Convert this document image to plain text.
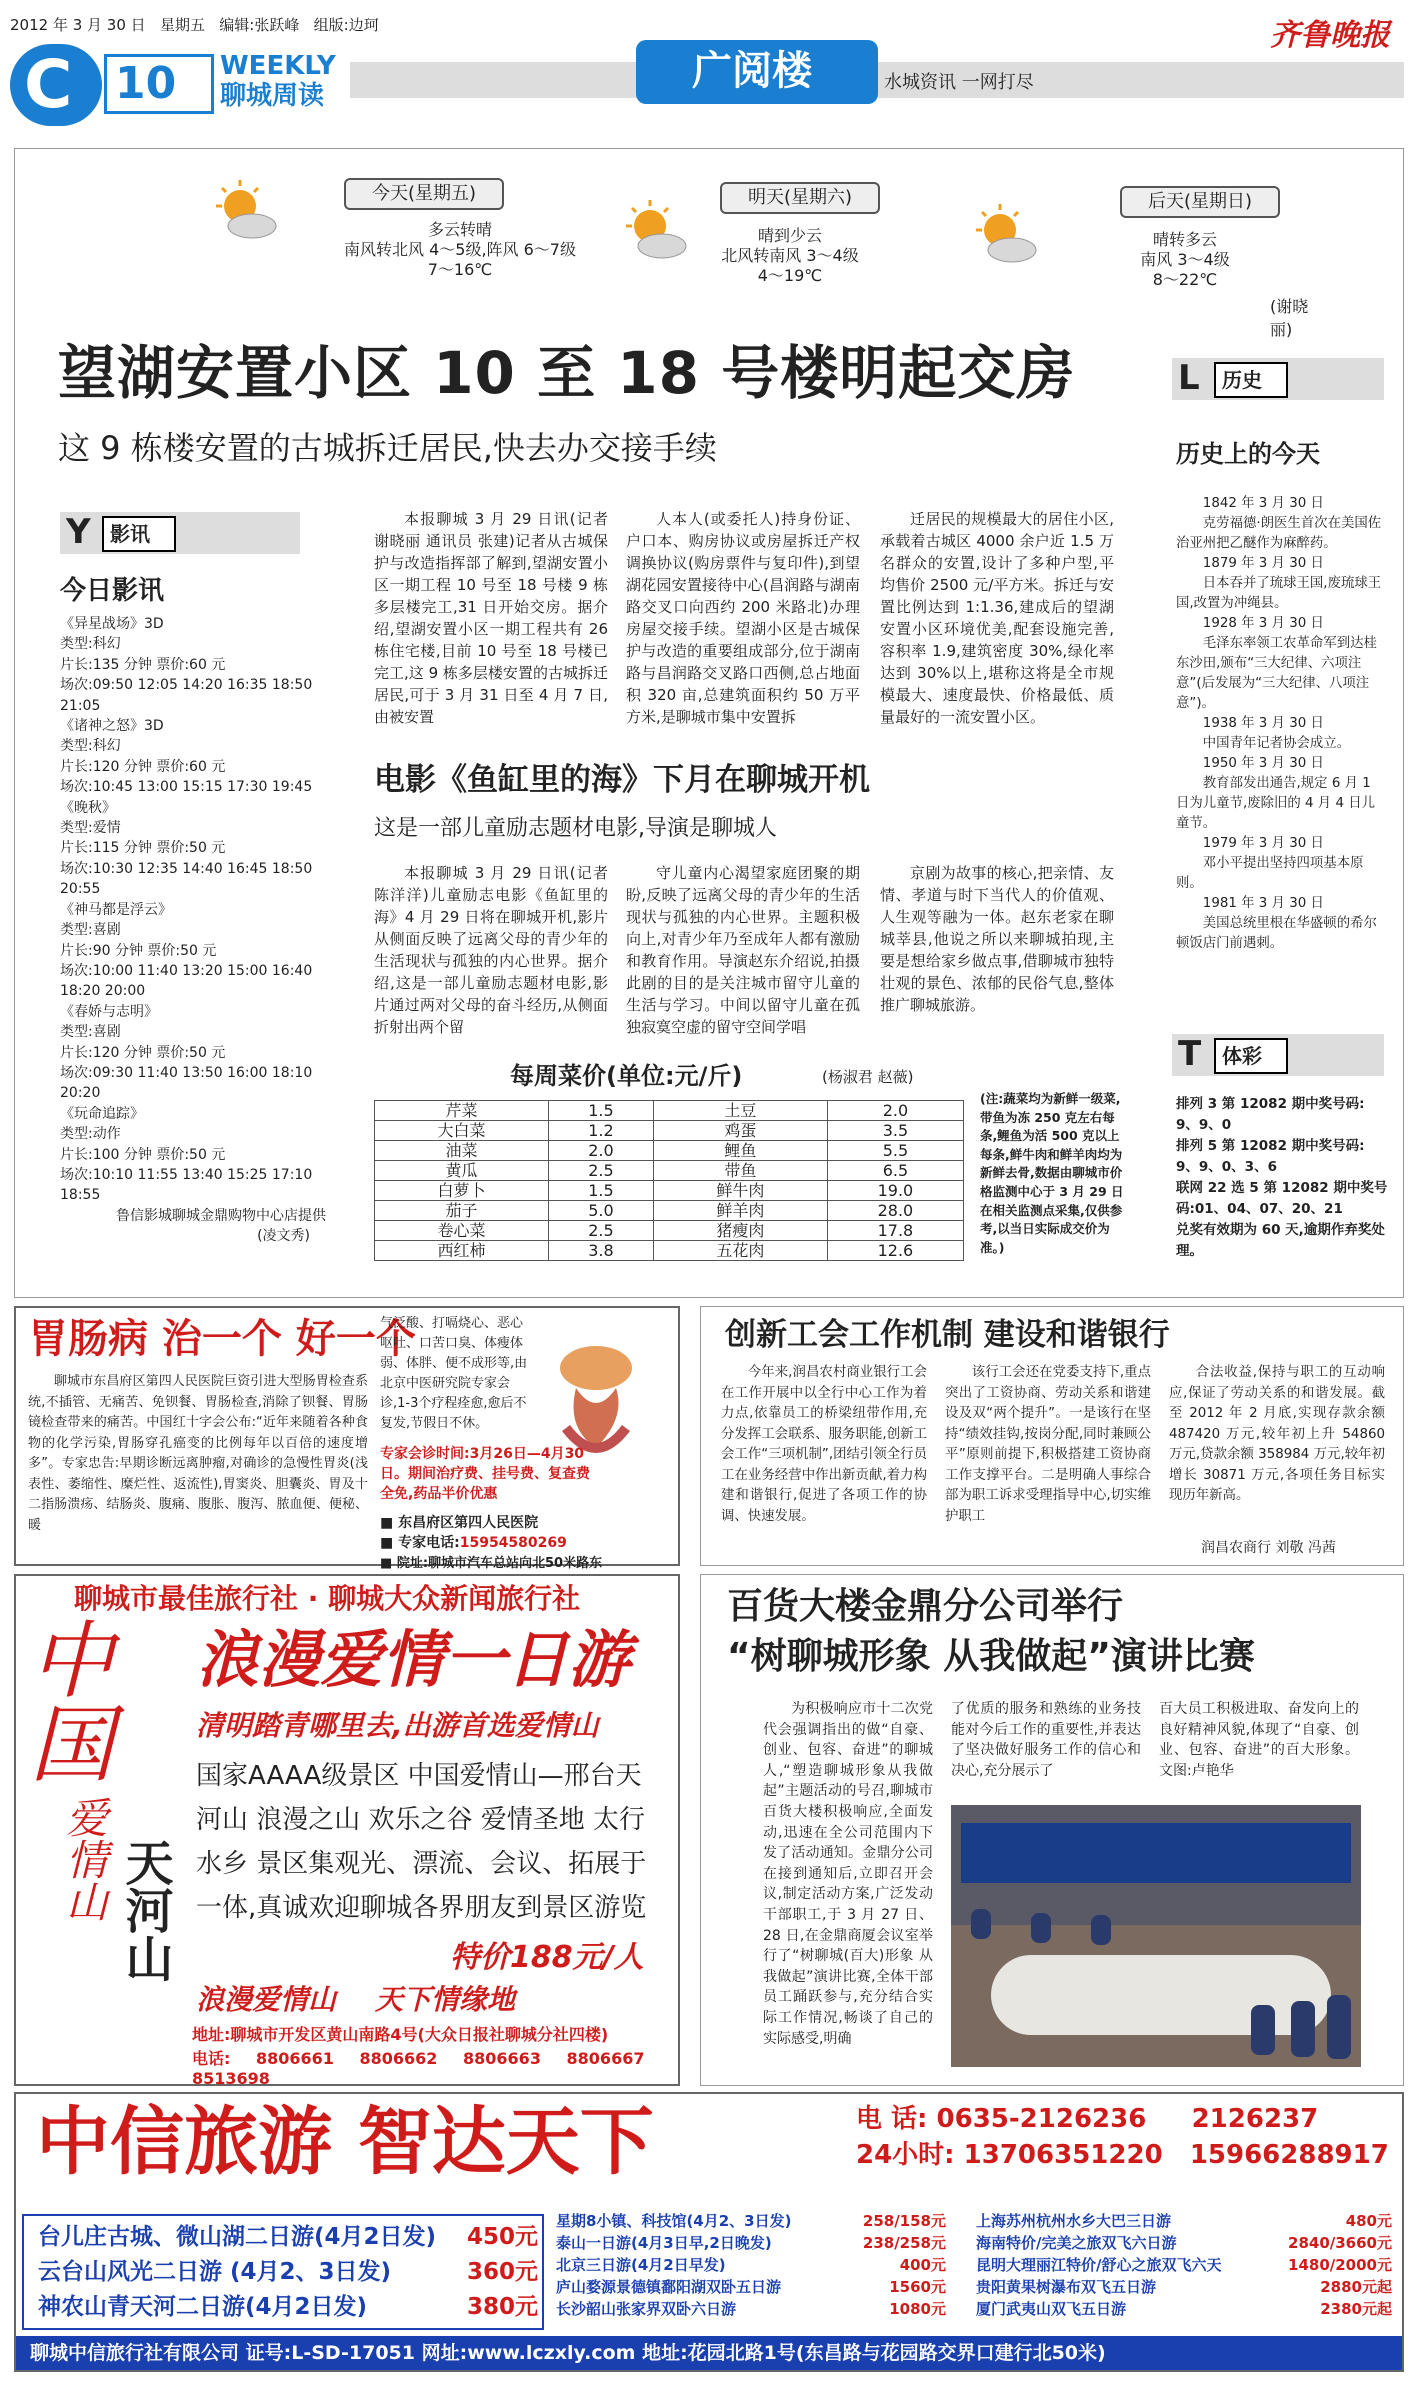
2012 年 3 月 30 日 星期五 编辑:张跃峰 组版:边珂
C 10 WEEKLY
聊城周读
广阅楼	水城资讯 一网打尽
齐鲁晚报
今天(星期五)
多云转晴
南风转北风 4～5级,阵风 6～7级
7～16℃
明天(星期六)
晴到少云
北风转南风 3～4级
4～19℃
后天(星期日)
晴转多云
南风 3～4级
8～22℃
(谢晓丽)
望湖安置小区 10 至 18 号楼明起交房
这 9 栋楼安置的古城拆迁居民,快去办交接手续
Y 影讯
今日影讯
《异星战场》3D
类型:科幻
片长:135 分钟 票价:60 元
场次:09:50 12:05 14:20 16:35 18:50 21:05
《诸神之怒》3D
类型:科幻
片长:120 分钟 票价:60 元
场次:10:45 13:00 15:15 17:30 19:45
《晚秋》
类型:爱情
片长:115 分钟 票价:50 元
场次:10:30 12:35 14:40 16:45 18:50 20:55
《神马都是浮云》
类型:喜剧
片长:90 分钟 票价:50 元
场次:10:00 11:40 13:20 15:00 16:40 18:20 20:00
《春娇与志明》
类型:喜剧
片长:120 分钟 票价:50 元
场次:09:30 11:40 13:50 16:00 18:10 20:20
《玩命追踪》
类型:动作
片长:100 分钟 票价:50 元
场次:10:10 11:55 13:40 15:25 17:10 18:55
鲁信影城聊城金鼎购物中心店提供
(凌文秀)

本报聊城 3 月 29 日讯(记者 谢晓丽 通讯员 张建)记者从古城保护与改造指挥部了解到,望湖安置小区一期工程 10 号至 18 号楼 9 栋多层楼完工,31 日开始交房。据介绍,望湖安置小区一期工程共有 26 栋住宅楼,目前 10 号至 18 号楼已完工,这 9 栋多层楼安置的古城拆迁居民,可于 3 月 31 日至 4 月 7 日,由被安置

人本人(或委托人)持身份证、户口本、购房协议或房屋拆迁产权调换协议(购房票件与复印件),到望湖花园安置接待中心(昌润路与湖南路交叉口向西约 200 米路北)办理房屋交接手续。望湖小区是古城保护与改造的重要组成部分,位于湖南路与昌润路交叉路口西侧,总占地面积 320 亩,总建筑面积约 50 万平方米,是聊城市集中安置拆

迁居民的规模最大的居住小区,承载着古城区 4000 余户近 1.5 万名群众的安置,设计了多种户型,平均售价 2500 元/平方米。拆迁与安置比例达到 1:1.36,建成后的望湖安置小区环境优美,配套设施完善,容积率 1.9,建筑密度 30%,绿化率达到 30%以上,堪称这将是全市规模最大、速度最快、价格最低、质量最好的一流安置小区。

电影《鱼缸里的海》下月在聊城开机
这是一部儿童励志题材电影,导演是聊城人

本报聊城 3 月 29 日讯(记者 陈洋洋)儿童励志电影《鱼缸里的海》4 月 29 日将在聊城开机,影片从侧面反映了远离父母的青少年的生活现状与孤独的内心世界。据介绍,这是一部儿童励志题材电影,影片通过两对父母的奋斗经历,从侧面折射出两个留

守儿童内心渴望家庭团聚的期盼,反映了远离父母的青少年的生活现状与孤独的内心世界。主题积极向上,对青少年乃至成年人都有激励和教育作用。导演赵东介绍说,拍摄此剧的目的是关注城市留守儿童的生活与学习。中间以留守儿童在孤独寂寞空虚的留守空间学唱

京剧为故事的核心,把亲情、友情、孝道与时下当代人的价值观、人生观等融为一体。赵东老家在聊城莘县,他说之所以来聊城拍现,主要是想给家乡做点事,借聊城市独特壮观的景色、浓郁的民俗气息,整体推广聊城旅游。

每周菜价(单位:元/斤)	(杨淑君 赵薇)
芹菜	1.5	土豆	2.0
大白菜	1.2	鸡蛋	3.5
油菜	2.0	鲤鱼	5.5
黄瓜	2.5	带鱼	6.5
白萝卜	1.5	鲜牛肉	19.0
茄子	5.0	鲜羊肉	28.0
卷心菜	2.5	猪瘦肉	17.8
西红柿	3.8	五花肉	12.6
(注:蔬菜均为新鲜一级菜,带鱼为冻 250 克左右每条,鲤鱼为活 500 克以上每条,鲜牛肉和鲜羊肉均为新鲜去骨,数据由聊城市价格监测中心于 3 月 29 日在相关监测点采集,仅供参考,以当日实际成交价为准。)
L	历史
历史上的今天
1842 年 3 月 30 日
克劳福德·朗医生首次在美国佐治亚州把乙醚作为麻醉药。
1879 年 3 月 30 日
日本吞并了琉球王国,废琉球王国,改置为冲绳县。
1928 年 3 月 30 日
毛泽东率领工农革命军到达桂东沙田,颁布“三大纪律、六项注意”(后发展为“三大纪律、八项注意”)。
1938 年 3 月 30 日
中国青年记者协会成立。
1950 年 3 月 30 日
教育部发出通告,规定 6 月 1 日为儿童节,废除旧的 4 月 4 日儿童节。
1979 年 3 月 30 日
邓小平提出坚持四项基本原则。
1981 年 3 月 30 日
美国总统里根在华盛顿的希尔顿饭店门前遇刺。
T	体彩
排列 3 第 12082 期中奖号码:
9、9、0
排列 5 第 12082 期中奖号码:
9、9、0、3、6
联网 22 选 5 第 12082 期中奖号码:01、04、07、20、21
兑奖有效期为 60 天,逾期作弃奖处理。
胃肠病 治一个 好一个
聊城市东昌府区第四人民医院巨资引进大型肠胃检查系统,不插管、无痛苦、免钡餐、胃肠检查,消除了钡餐、胃肠镜检查带来的痛苦。中国红十字会公布:“近年来随着各种食物的化学污染,胃肠穿孔癌变的比例每年以百倍的速度增多”。专家忠告:早期诊断远离肿瘤,对确诊的急慢性胃炎(浅表性、萎缩性、糜烂性、返流性),胃窦炎、胆囊炎、胃及十二指肠溃疡、结肠炎、腹痛、腹胀、腹泻、脓血便、便秘、暖
气泛酸、打嗝烧心、恶心呕吐、口苦口臭、体瘦体弱、体胖、便不成形等,由北京中医研究院专家会诊,1-3个疗程痊愈,愈后不复发,节假日不休。
专家会诊时间:3月26日—4月30日。期间治疗费、挂号费、复查费全免,药品半价优惠
■ 东昌府区第四人民医院
■ 专家电话:15954580269
■ 院址:聊城市汽车总站向北50米路东
创新工会工作机制 建设和谐银行

今年来,润昌农村商业银行工会在工作开展中以全行中心工作为着力点,依靠员工的桥梁纽带作用,充分发挥工会联系、服务职能,创新工会工作“三项机制”,团结引领全行员工在业务经营中作出新贡献,着力构建和谐银行,促进了各项工作的协调、快速发展。

该行工会还在党委支持下,重点突出了工资协商、劳动关系和谐建设及双“两个提升”。一是该行在坚持“绩效挂钩,按岗分配,同时兼顾公平”原则前提下,积极搭建工资协商工作支撑平台。二是明确人事综合部为职工诉求受理指导中心,切实维护职工

合法收益,保持与职工的互动响应,保证了劳动关系的和谐发展。截至 2012 年 2 月底,实现存款余额 487420 万元,较年初上升 54860 万元,贷款余额 358984 万元,较年初增长 30871 万元,各项任务目标实现历年新高。

润昌农商行 刘敬 冯茜
聊城市最佳旅行社 · 聊城大众新闻旅行社
浪漫爱情一日游
清明踏青哪里去,出游首选爱情山
中国
爱情山 天河山
国家AAAA级景区 中国爱情山—邢台天河山 浪漫之山 欢乐之谷 爱情圣地 太行水乡 景区集观光、漂流、会议、拓展于一体,真诚欢迎聊城各界朋友到景区游览
特价188元/人
浪漫爱情山    天下情缘地
地址:聊城市开发区黄山南路4号(大众日报社聊城分社四楼)
电话: 8806661 8806662 8806663 8806667 8513698
百货大楼金鼎分公司举行
“树聊城形象 从我做起”演讲比赛

为积极响应市十二次党代会强调指出的做“自豪、创业、包容、奋进”的聊城人,“塑造聊城形象从我做起”主题活动的号召,聊城市百货大楼积极响应,全面发动,迅速在全公司范围内下发了活动通知。金鼎分公司在接到通知后,立即召开会议,制定活动方案,广泛发动干部职工,于 3 月 27 日、28 日,在金鼎商厦会议室举行了“树聊城(百大)形象 从我做起”演讲比赛,全体干部员工踊跃参与,充分结合实际工作情况,畅谈了自己的实际感受,明确

了优质的服务和熟练的业务技能对今后工作的重要性,并表达了坚决做好服务工作的信心和决心,充分展示了

百大员工积极进取、奋发向上的良好精神风貌,体现了“自豪、创业、包容、奋进”的百大形象。 文图:卢艳华

中信旅游 智达天下	电 话: 0635-2126236 2126237
24小时: 13706351220 15966288917
台儿庄古城、微山湖二日游(4月2日发) 450元
云台山风光二日游 (4月2、3日发)	360元
神农山青天河二日游(4月2日发)	380元
星期8小镇、科技馆(4月2、3日发)	258/158元
泰山一日游(4月3日早,2日晚发)	238/258元
北京三日游(4月2日早发)	400元
庐山婺源景德镇鄱阳湖双卧五日游	1560元
长沙韶山张家界双卧六日游	1080元
上海苏州杭州水乡大巴三日游	480元
海南特价/完美之旅双飞六日游	2840/3660元
昆明大理丽江特价/舒心之旅双飞六天	1480/2000元
贵阳黄果树瀑布双飞五日游	2880元起
厦门武夷山双飞五日游	2380元起
聊城中信旅行社有限公司 证号:L-SD-17051 网址:www.lczxly.com 地址:花园北路1号(东昌路与花园路交界口建行北50米)
